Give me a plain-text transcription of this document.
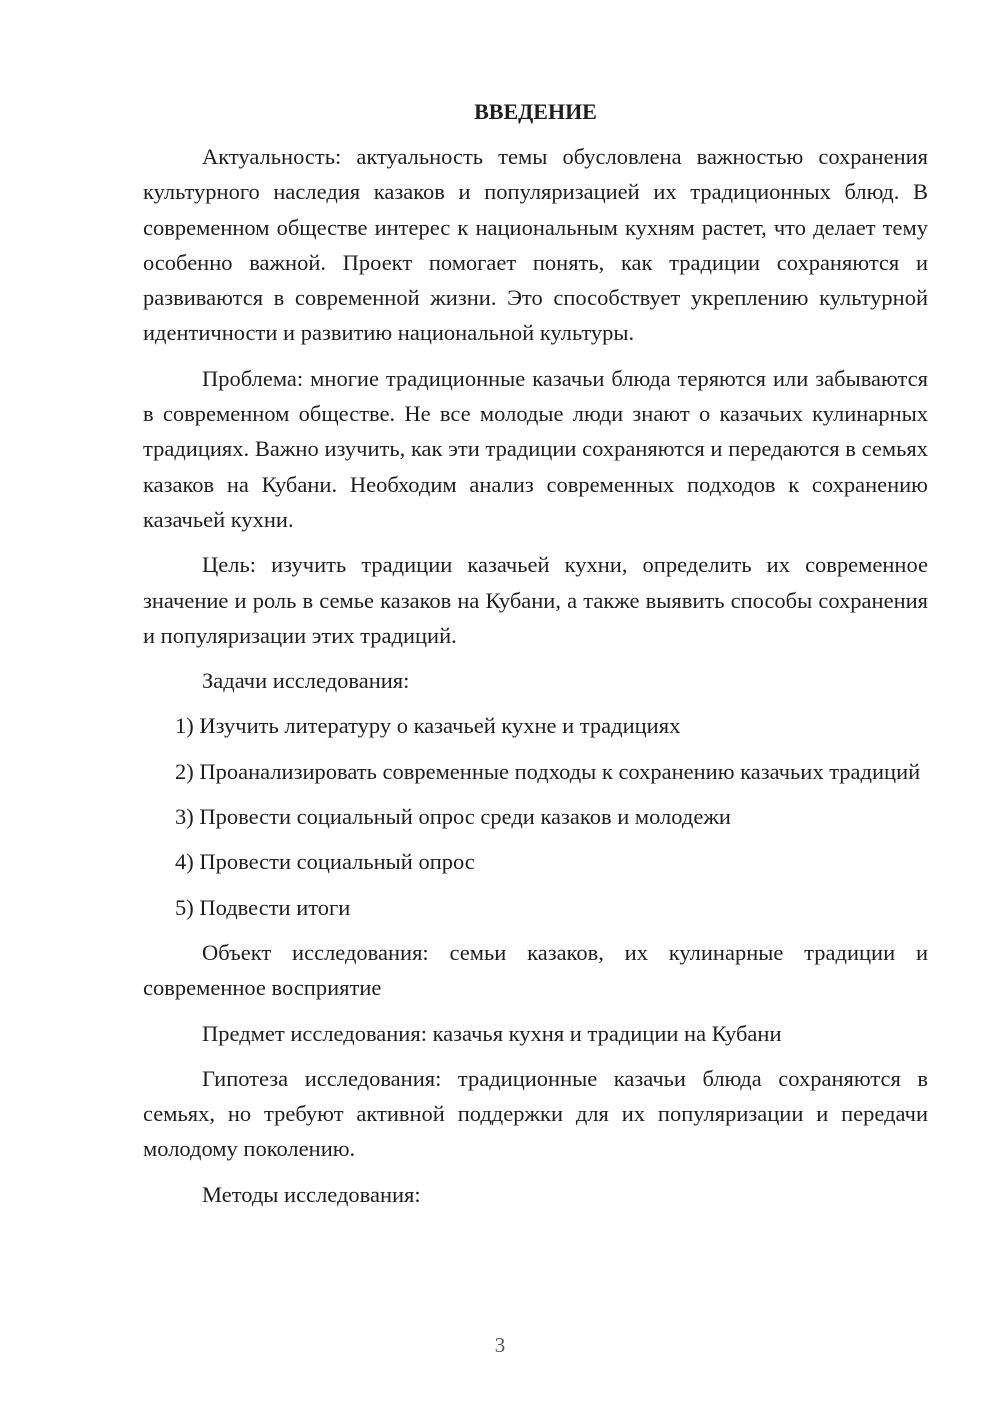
ВВЕДЕНИЕ

Актуальность: актуальность темы обусловлена важностью сохранения культурного наследия казаков и популяризацией их традиционных блюд. В современном обществе интерес к национальным кухням растет, что делает тему особенно важной. Проект помогает понять, как традиции сохраняются и развиваются в современной жизни. Это способствует укреплению культурной идентичности и развитию национальной культуры.

Проблема: многие традиционные казачьи блюда теряются или забываются в современном обществе. Не все молодые люди знают о казачьих кулинарных традициях. Важно изучить, как эти традиции сохраняются и передаются в семьях казаков на Кубани. Необходим анализ современных подходов к сохранению казачьей кухни.

Цель: изучить традиции казачьей кухни, определить их современное значение и роль в семье казаков на Кубани, а также выявить способы сохранения и популяризации этих традиций.

Задачи исследования:

1) Изучить литературу о казачьей кухне и традициях

2) Проанализировать современные подходы к сохранению казачьих традиций

3) Провести социальный опрос среди казаков и молодежи

4) Провести социальный опрос

5) Подвести итоги

Объект исследования: семьи казаков, их кулинарные традиции и современное восприятие

Предмет исследования: казачья кухня и традиции на Кубани

Гипотеза исследования: традиционные казачьи блюда сохраняются в семьях, но требуют активной поддержки для их популяризации и передачи молодому поколению.

Методы исследования:

3
